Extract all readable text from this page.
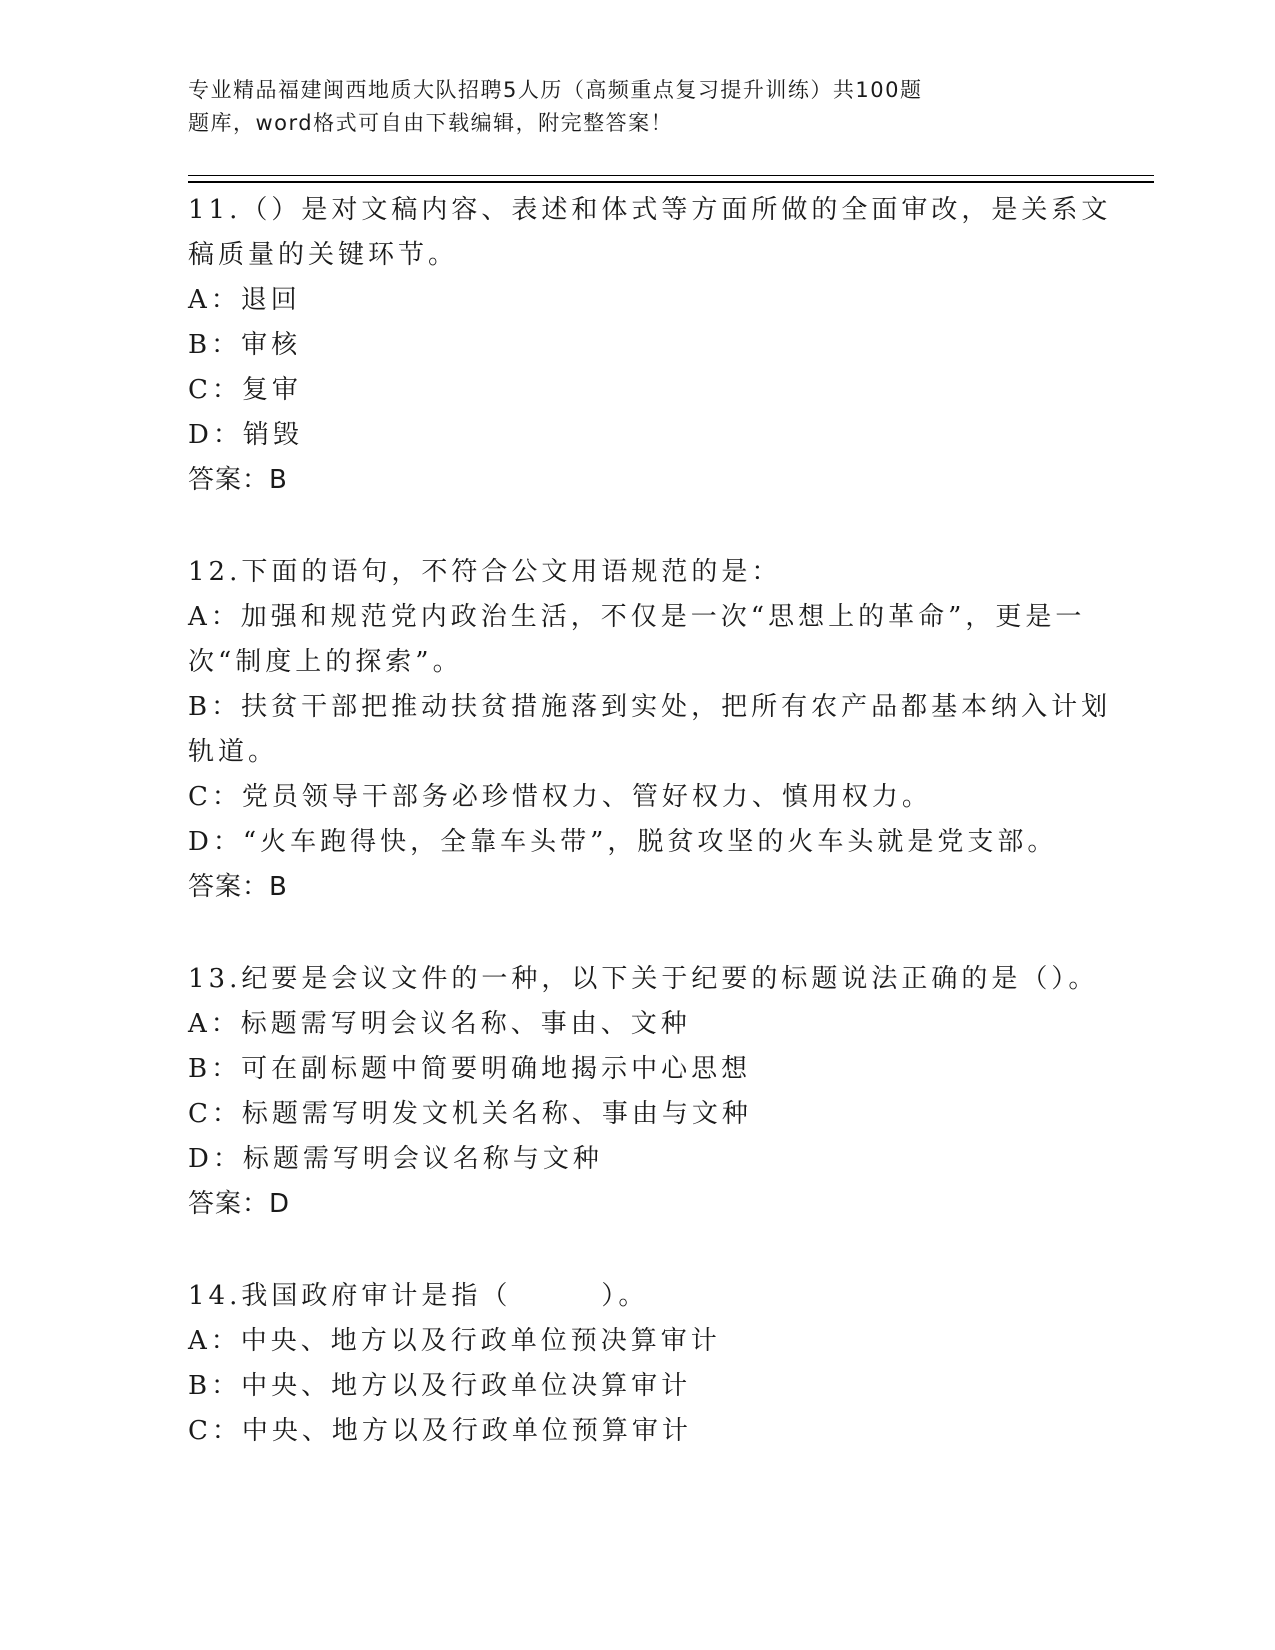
专业精品福建闽西地质大队招聘5人历（高频重点复习提升训练）共100题
题库，word格式可自由下载编辑，附完整答案！
11.（）是对文稿内容、表述和体式等方面所做的全面审改，是关系文
稿质量的关键环节。
A：退回
B：审核
C：复审
D：销毁
答案：B
12.下面的语句，不符合公文用语规范的是：
A：加强和规范党内政治生活，不仅是一次“思想上的革命”，更是一
次“制度上的探索”。
B：扶贫干部把推动扶贫措施落到实处，把所有农产品都基本纳入计划
轨道。
C：党员领导干部务必珍惜权力、管好权力、慎用权力。
D：“火车跑得快，全靠车头带”，脱贫攻坚的火车头就是党支部。
答案：B
13.纪要是会议文件的一种，以下关于纪要的标题说法正确的是（）。
A：标题需写明会议名称、事由、文种
B：可在副标题中简要明确地揭示中心思想
C：标题需写明发文机关名称、事由与文种
D：标题需写明会议名称与文种
答案：D
14.我国政府审计是指（　　　）。
A：中央、地方以及行政单位预决算审计
B：中央、地方以及行政单位决算审计
C：中央、地方以及行政单位预算审计
